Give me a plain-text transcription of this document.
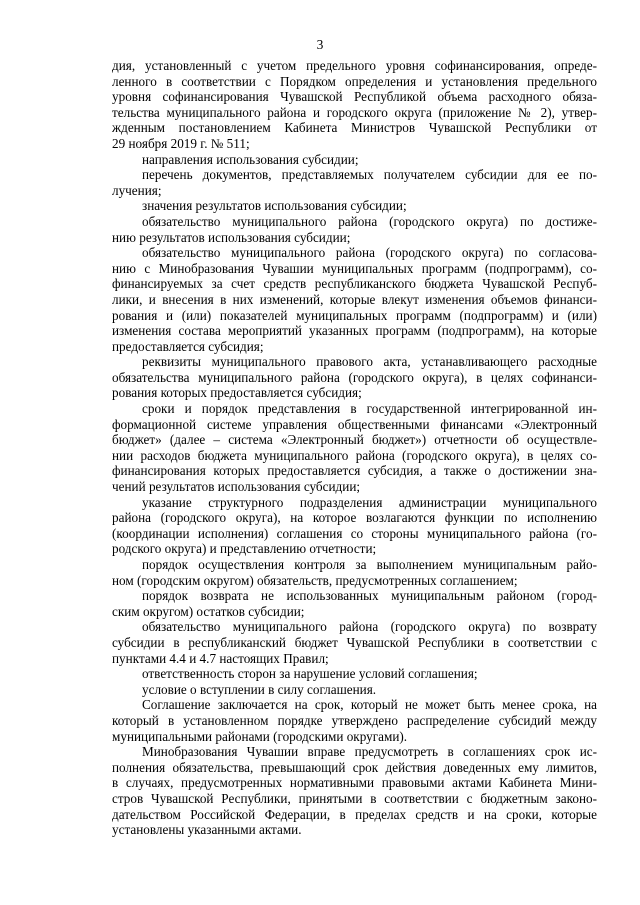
3
дия, установленный с учетом предельного уровня софинансирования, опреде-
ленного в соответствии с Порядком определения и установления предельного
уровня софинансирования Чувашской Республикой объема расходного обяза-
тельства муниципального района и городского округа (приложение № 2), утвер-
жденным постановлением Кабинета Министров Чувашской Республики от
29 ноября 2019 г. № 511;
направления использования субсидии;
перечень документов, представляемых получателем субсидии для ее по-
лучения;
значения результатов использования субсидии;
обязательство муниципального района (городского округа) по достиже-
нию результатов использования субсидии;
обязательство муниципального района (городского округа) по согласова-
нию с Минобразования Чувашии муниципальных программ (подпрограмм), со-
финансируемых за счет средств республиканского бюджета Чувашской Респуб-
лики, и внесения в них изменений, которые влекут изменения объемов финанси-
рования и (или) показателей муниципальных программ (подпрограмм) и (или)
изменения состава мероприятий указанных программ (подпрограмм), на которые
предоставляется субсидия;
реквизиты муниципального правового акта, устанавливающего расходные
обязательства муниципального района (городского округа), в целях софинанси-
рования которых предоставляется субсидия;
сроки и порядок представления в государственной интегрированной ин-
формационной системе управления общественными финансами «Электронный
бюджет» (далее – система «Электронный бюджет») отчетности об осуществле-
нии расходов бюджета муниципального района (городского округа), в целях со-
финансирования которых предоставляется субсидия, а также о достижении зна-
чений результатов использования субсидии;
указание структурного подразделения администрации муниципального
района (городского округа), на которое возлагаются функции по исполнению
(координации исполнения) соглашения со стороны муниципального района (го-
родского округа) и представлению отчетности;
порядок осуществления контроля за выполнением муниципальным райо-
ном (городским округом) обязательств, предусмотренных соглашением;
порядок возврата не использованных муниципальным районом (город-
ским округом) остатков субсидии;
обязательство муниципального района (городского округа) по возврату
субсидии в республиканский бюджет Чувашской Республики в соответствии с
пунктами 4.4 и 4.7 настоящих Правил;
ответственность сторон за нарушение условий соглашения;
условие о вступлении в силу соглашения.
Соглашение заключается на срок, который не может быть менее срока, на
который в установленном порядке утверждено распределение субсидий между
муниципальными районами (городскими округами).
Минобразования Чувашии вправе предусмотреть в соглашениях срок ис-
полнения обязательства, превышающий срок действия доведенных ему лимитов,
в случаях, предусмотренных нормативными правовыми актами Кабинета Мини-
стров Чувашской Республики, принятыми в соответствии с бюджетным законо-
дательством Российской Федерации, в пределах средств и на сроки, которые
установлены указанными актами.
